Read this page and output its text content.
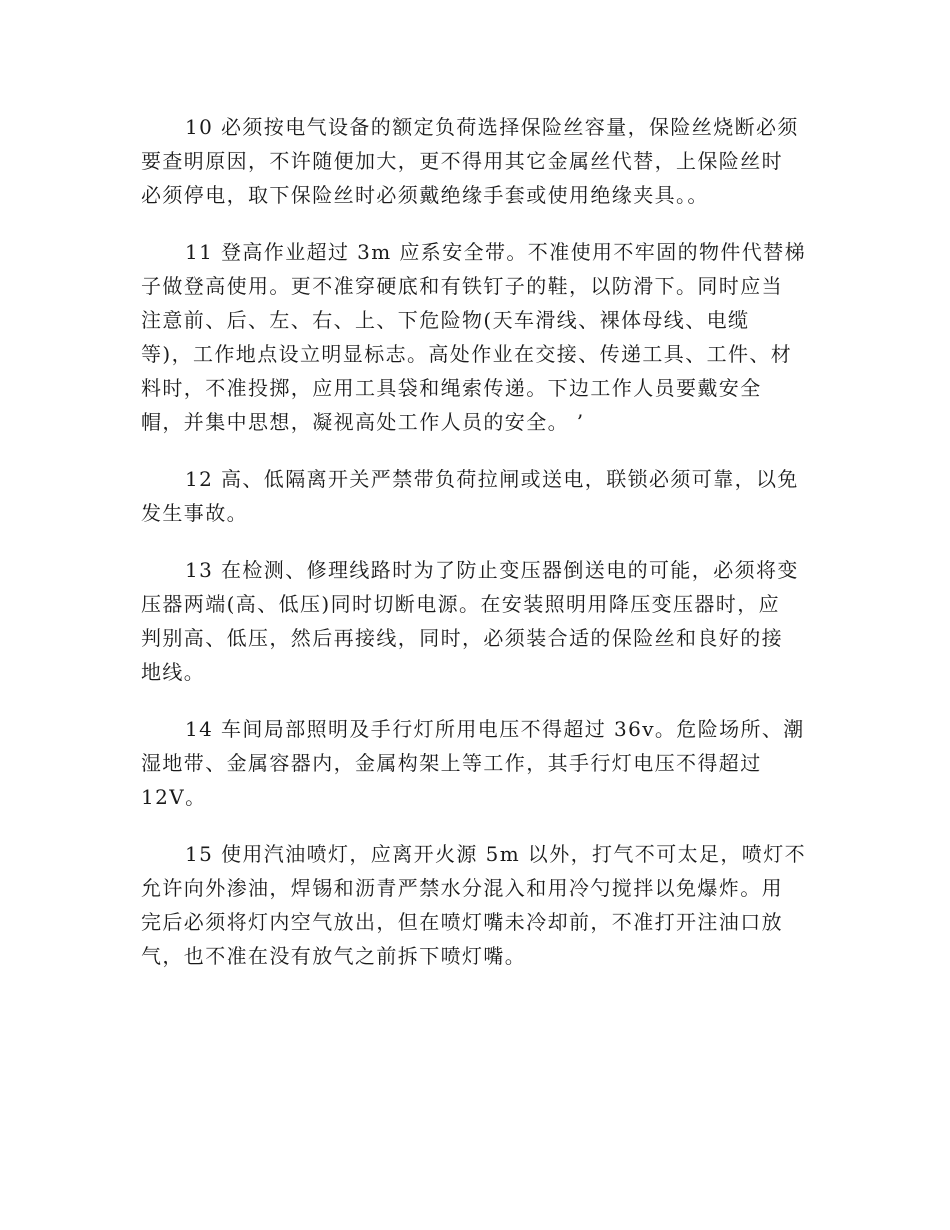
10 必须按电气设备的额定负荷选择保险丝容量，保险丝烧断必须
要查明原因，不许随便加大，更不得用其它金属丝代替，上保险丝时
必须停电，取下保险丝时必须戴绝缘手套或使用绝缘夹具。。

11 登高作业超过 3m 应系安全带。不准使用不牢固的物件代替梯
子做登高使用。更不准穿硬底和有铁钉子的鞋，以防滑下。同时应当
注意前、后、左、右、上、下危险物(天车滑线、裸体母线、电缆
等)，工作地点设立明显标志。高处作业在交接、传递工具、工件、材
料时，不准投掷，应用工具袋和绳索传递。下边工作人员要戴安全
帽，并集中思想，凝视高处工作人员的安全。 ’

12 高、低隔离开关严禁带负荷拉闸或送电，联锁必须可靠，以免
发生事故。

13 在检测、修理线路时为了防止变压器倒送电的可能，必须将变
压器两端(高、低压)同时切断电源。在安装照明用降压变压器时，应
判别高、低压，然后再接线，同时，必须装合适的保险丝和良好的接
地线。

14 车间局部照明及手行灯所用电压不得超过 36v。危险场所、潮
湿地带、金属容器内，金属构架上等工作，其手行灯电压不得超过
12V。

15 使用汽油喷灯，应离开火源 5m 以外，打气不可太足，喷灯不
允许向外渗油，焊锡和沥青严禁水分混入和用冷勺搅拌以免爆炸。用
完后必须将灯内空气放出，但在喷灯嘴未冷却前，不准打开注油口放
气，也不准在没有放气之前拆下喷灯嘴。
